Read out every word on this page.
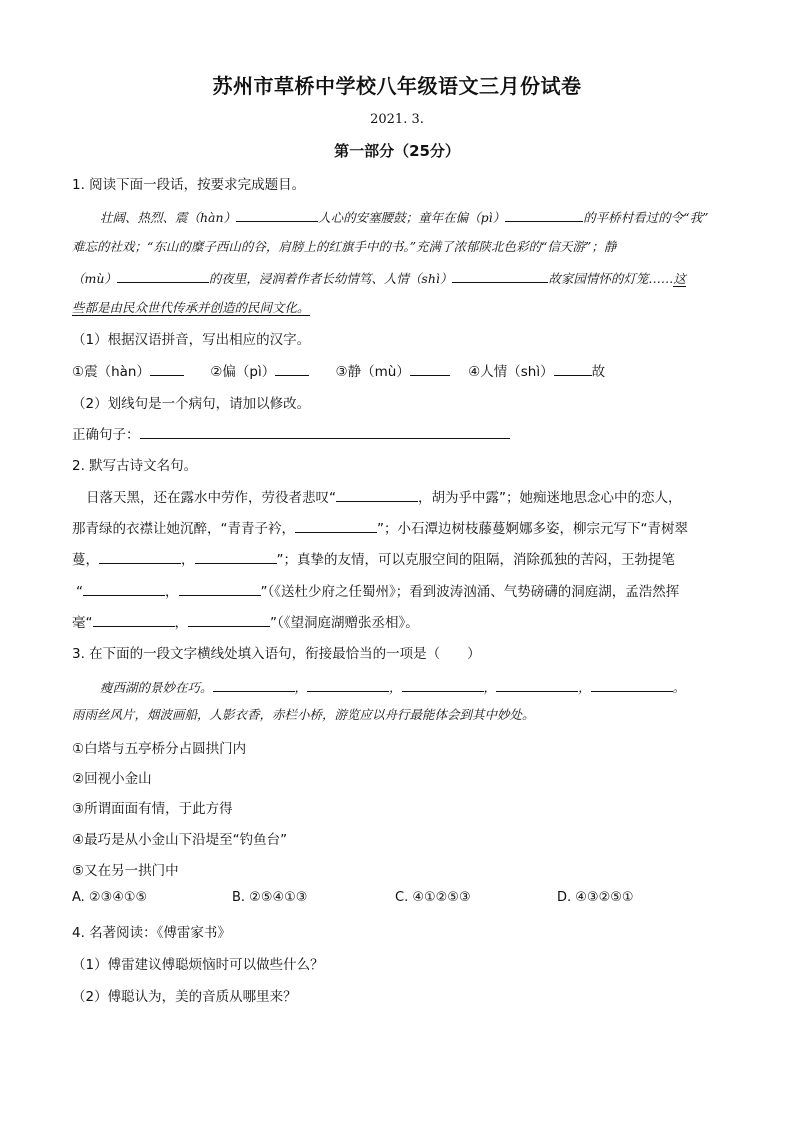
苏州市草桥中学校八年级语文三月份试卷
2021. 3.
第一部分（25分）
1. 阅读下面一段话，按要求完成题目。
壮阔、热烈、震（hàn）	人心的安塞腰鼓；童年在偏（pì）	的平桥村看过的令“我”
难忘的社戏；“东山的糜子西山的谷，肩膀上的红旗手中的书。”充满了浓郁陕北色彩的“信天游”；静
（mù）	的夜里，浸润着作者长幼情笃、人情（shì）	故家园情怀的灯笼……这
些都是由民众世代传承并创造的民间文化。
（1）根据汉语拼音，写出相应的汉字。
①震（hàn）	②偏（pì）	③静（mù）	④人情（shì）	故
（2）划线句是一个病句，请加以修改。
正确句子：
2. 默写古诗文名句。
日落天黑，还在露水中劳作，劳役者悲叹“	，胡为乎中露”；她痴迷地思念心中的恋人，
那青绿的衣襟让她沉醉，“青青子衿，	”；小石潭边树枝藤蔓婀娜多姿，柳宗元写下“青树翠
蔓，	，	”；真挚的友情，可以克服空间的阻隔，消除孤独的苦闷，王勃提笔
“	，	”（《送杜少府之任蜀州》；看到波涛汹涌、气势磅礴的洞庭湖，孟浩然挥
毫“	，	”（《望洞庭湖赠张丞相》。
3. 在下面的一段文字横线处填入语句，衔接最恰当的一项是（　　）
瘦西湖的景妙在巧。	，	，	，	，	。
雨雨丝风片，烟波画船，人影衣香，赤栏小桥，游览应以舟行最能体会到其中妙处。
①白塔与五亭桥分占圆拱门内
②回视小金山
③所谓面面有情，于此方得
④最巧是从小金山下沿堤至“钓鱼台”
⑤又在另一拱门中
A. ②③④①⑤	B. ②⑤④①③	C. ④①②⑤③	D. ④③②⑤①
4. 名著阅读：《傅雷家书》
（1）傅雷建议傅聪烦恼时可以做些什么？
（2）傅聪认为，美的音质从哪里来？
